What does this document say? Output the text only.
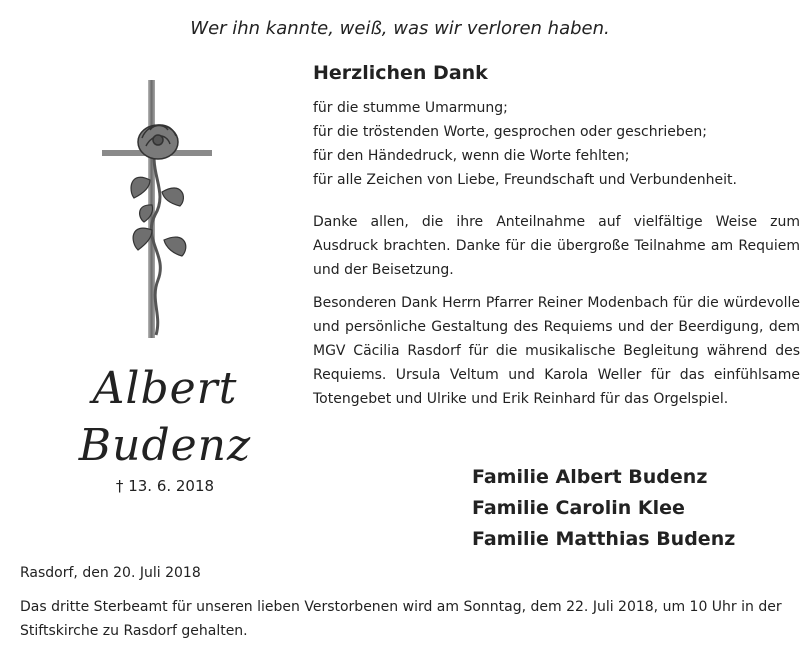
Wer ihn kannte, weiß, was wir verloren haben.
Albert
Budenz
† 13. 6. 2018
Herzlichen Dank
für die stumme Umarmung;
für die tröstenden Worte, gesprochen oder geschrieben;
für den Händedruck, wenn die Worte fehlten;
für alle Zeichen von Liebe, Freundschaft und Verbundenheit.

Danke allen, die ihre Anteilnahme auf vielfältige Weise zum Ausdruck brachten. Danke für die übergroße Teilnahme am Requiem und der Beisetzung.

Besonderen Dank Herrn Pfarrer Reiner Modenbach für die würdevolle und persönliche Gestaltung des Requiems und der Beerdigung, dem MGV Cäcilia Rasdorf für die musikalische Begleitung während des Requiems. Ursula Veltum und Karola Weller für das einfühlsame Totengebet und Ulrike und Erik Reinhard für das Orgelspiel.

Familie Albert Budenz
Familie Carolin Klee
Familie Matthias Budenz
Rasdorf, den 20. Juli 2018

Das dritte Sterbeamt für unseren lieben Verstorbenen wird am Sonntag, dem 22. Juli 2018, um 10 Uhr in der Stiftskirche zu Rasdorf gehalten.
